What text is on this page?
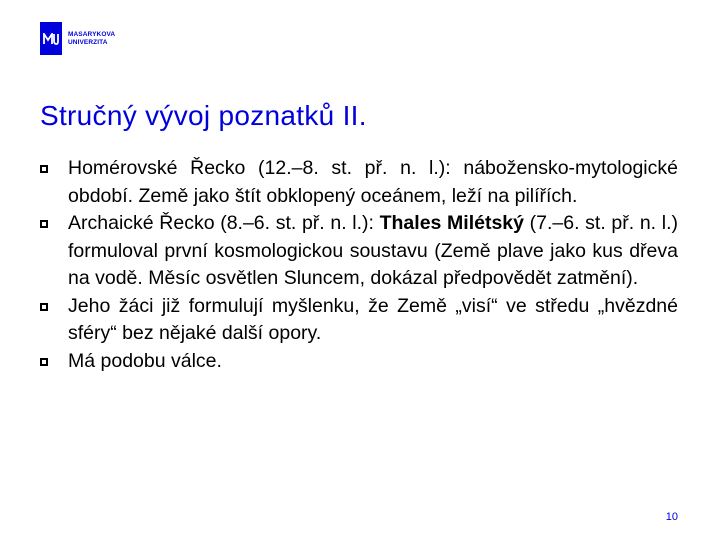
MASARYKOVA
UNIVERZITA
Stručný vývoj poznatků II.
Homérovské Řecko (12.–8. st. př. n. l.): nábožensko-mytologické období. Země jako štít obklopený oceánem, leží na pilířích.
Archaické Řecko (8.–6. st. př. n. l.): Thales Milétský (7.–6. st. př. n. l.) formuloval první kosmologickou soustavu (Země plave jako kus dřeva na vodě. Měsíc osvětlen Sluncem, dokázal předpovědět zatmění).
Jeho žáci již formulují myšlenku, že Země „visí“ ve středu „hvězdné sféry“ bez nějaké další opory.
Má podobu válce.
10
